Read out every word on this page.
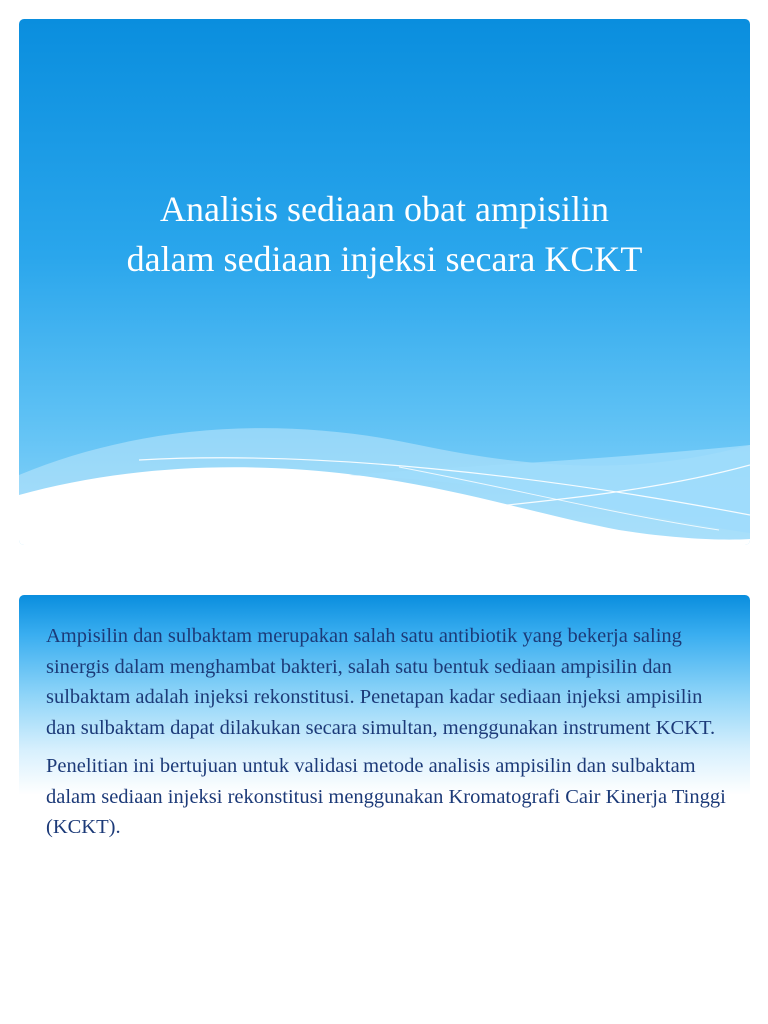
Analisis sediaan obat ampisilin
dalam sediaan injeksi secara KCKT

Ampisilin dan sulbaktam merupakan salah satu antibiotik yang bekerja saling sinergis dalam menghambat bakteri, salah satu bentuk sediaan ampisilin dan sulbaktam adalah injeksi rekonstitusi. Penetapan kadar sediaan injeksi ampisilin dan sulbaktam dapat dilakukan secara simultan, menggunakan instrument KCKT.

Penelitian ini bertujuan untuk validasi metode analisis ampisilin dan sulbaktam dalam sediaan injeksi rekonstitusi menggunakan Kromatografi Cair Kinerja Tinggi (KCKT).
